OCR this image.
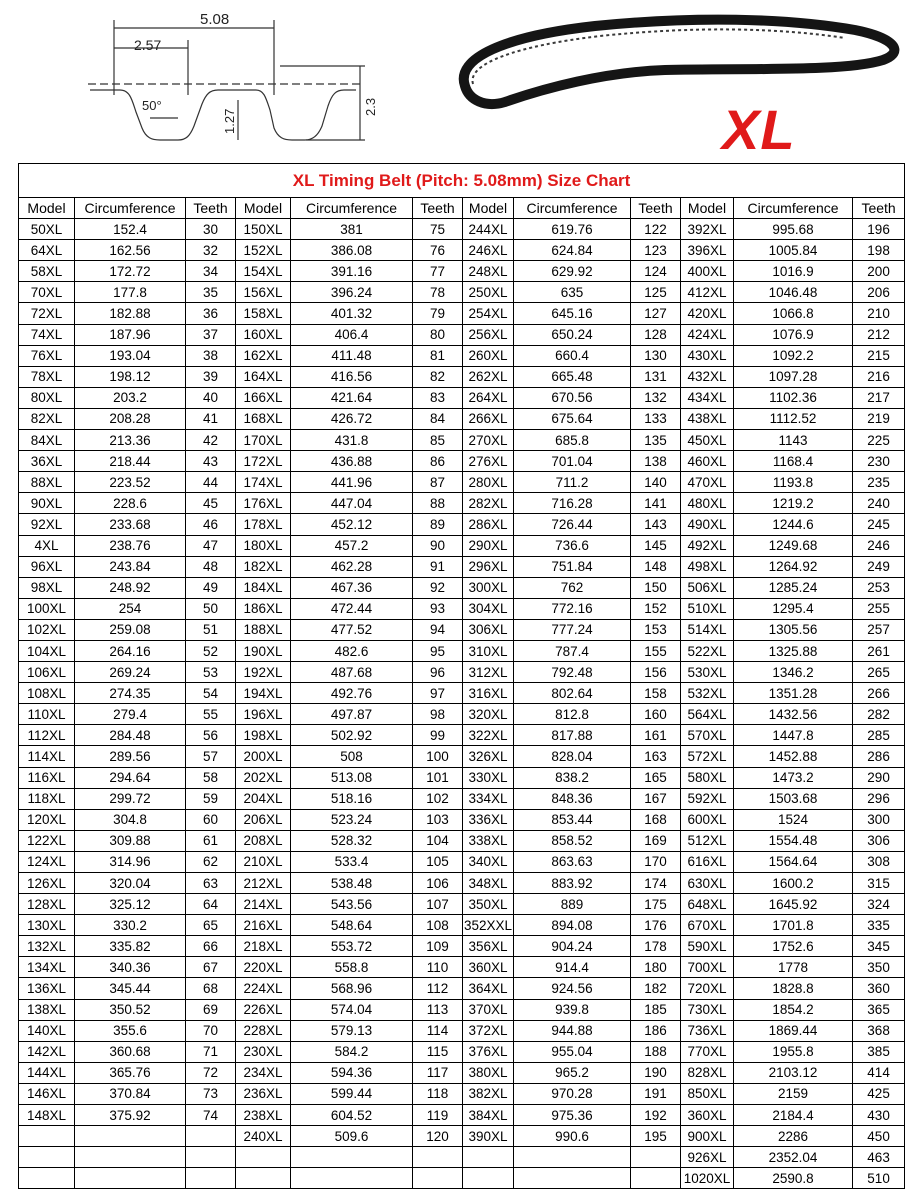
5.08
2.57
50°
1.27
2.3	XL
XL Timing Belt (Pitch: 5.08mm) Size Chart											
Model	Circumference	Teeth	Model	Circumference	Teeth	Model	Circumference	Teeth	Model	Circumference	Teeth
50XL	152.4	30	150XL	381	75	244XL	619.76	122	392XL	995.68	196
64XL	162.56	32	152XL	386.08	76	246XL	624.84	123	396XL	1005.84	198
58XL	172.72	34	154XL	391.16	77	248XL	629.92	124	400XL	1016.9	200
70XL	177.8	35	156XL	396.24	78	250XL	635	125	412XL	1046.48	206
72XL	182.88	36	158XL	401.32	79	254XL	645.16	127	420XL	1066.8	210
74XL	187.96	37	160XL	406.4	80	256XL	650.24	128	424XL	1076.9	212
76XL	193.04	38	162XL	411.48	81	260XL	660.4	130	430XL	1092.2	215
78XL	198.12	39	164XL	416.56	82	262XL	665.48	131	432XL	1097.28	216
80XL	203.2	40	166XL	421.64	83	264XL	670.56	132	434XL	1102.36	217
82XL	208.28	41	168XL	426.72	84	266XL	675.64	133	438XL	1112.52	219
84XL	213.36	42	170XL	431.8	85	270XL	685.8	135	450XL	1143	225
36XL	218.44	43	172XL	436.88	86	276XL	701.04	138	460XL	1168.4	230
88XL	223.52	44	174XL	441.96	87	280XL	711.2	140	470XL	1193.8	235
90XL	228.6	45	176XL	447.04	88	282XL	716.28	141	480XL	1219.2	240
92XL	233.68	46	178XL	452.12	89	286XL	726.44	143	490XL	1244.6	245
4XL	238.76	47	180XL	457.2	90	290XL	736.6	145	492XL	1249.68	246
96XL	243.84	48	182XL	462.28	91	296XL	751.84	148	498XL	1264.92	249
98XL	248.92	49	184XL	467.36	92	300XL	762	150	506XL	1285.24	253
100XL	254	50	186XL	472.44	93	304XL	772.16	152	510XL	1295.4	255
102XL	259.08	51	188XL	477.52	94	306XL	777.24	153	514XL	1305.56	257
104XL	264.16	52	190XL	482.6	95	310XL	787.4	155	522XL	1325.88	261
106XL	269.24	53	192XL	487.68	96	312XL	792.48	156	530XL	1346.2	265
108XL	274.35	54	194XL	492.76	97	316XL	802.64	158	532XL	1351.28	266
110XL	279.4	55	196XL	497.87	98	320XL	812.8	160	564XL	1432.56	282
112XL	284.48	56	198XL	502.92	99	322XL	817.88	161	570XL	1447.8	285
114XL	289.56	57	200XL	508	100	326XL	828.04	163	572XL	1452.88	286
116XL	294.64	58	202XL	513.08	101	330XL	838.2	165	580XL	1473.2	290
118XL	299.72	59	204XL	518.16	102	334XL	848.36	167	592XL	1503.68	296
120XL	304.8	60	206XL	523.24	103	336XL	853.44	168	600XL	1524	300
122XL	309.88	61	208XL	528.32	104	338XL	858.52	169	512XL	1554.48	306
124XL	314.96	62	210XL	533.4	105	340XL	863.63	170	616XL	1564.64	308
126XL	320.04	63	212XL	538.48	106	348XL	883.92	174	630XL	1600.2	315
128XL	325.12	64	214XL	543.56	107	350XL	889	175	648XL	1645.92	324
130XL	330.2	65	216XL	548.64	108	352XXL	894.08	176	670XL	1701.8	335
132XL	335.82	66	218XL	553.72	109	356XL	904.24	178	590XL	1752.6	345
134XL	340.36	67	220XL	558.8	110	360XL	914.4	180	700XL	1778	350
136XL	345.44	68	224XL	568.96	112	364XL	924.56	182	720XL	1828.8	360
138XL	350.52	69	226XL	574.04	113	370XL	939.8	185	730XL	1854.2	365
140XL	355.6	70	228XL	579.13	114	372XL	944.88	186	736XL	1869.44	368
142XL	360.68	71	230XL	584.2	115	376XL	955.04	188	770XL	1955.8	385
144XL	365.76	72	234XL	594.36	117	380XL	965.2	190	828XL	2103.12	414
146XL	370.84	73	236XL	599.44	118	382XL	970.28	191	850XL	2159	425
148XL	375.92	74	238XL	604.52	119	384XL	975.36	192	360XL	2184.4	430
			240XL	509.6	120	390XL	990.6	195	900XL	2286	450
									926XL	2352.04	463
									1020XL	2590.8	510
